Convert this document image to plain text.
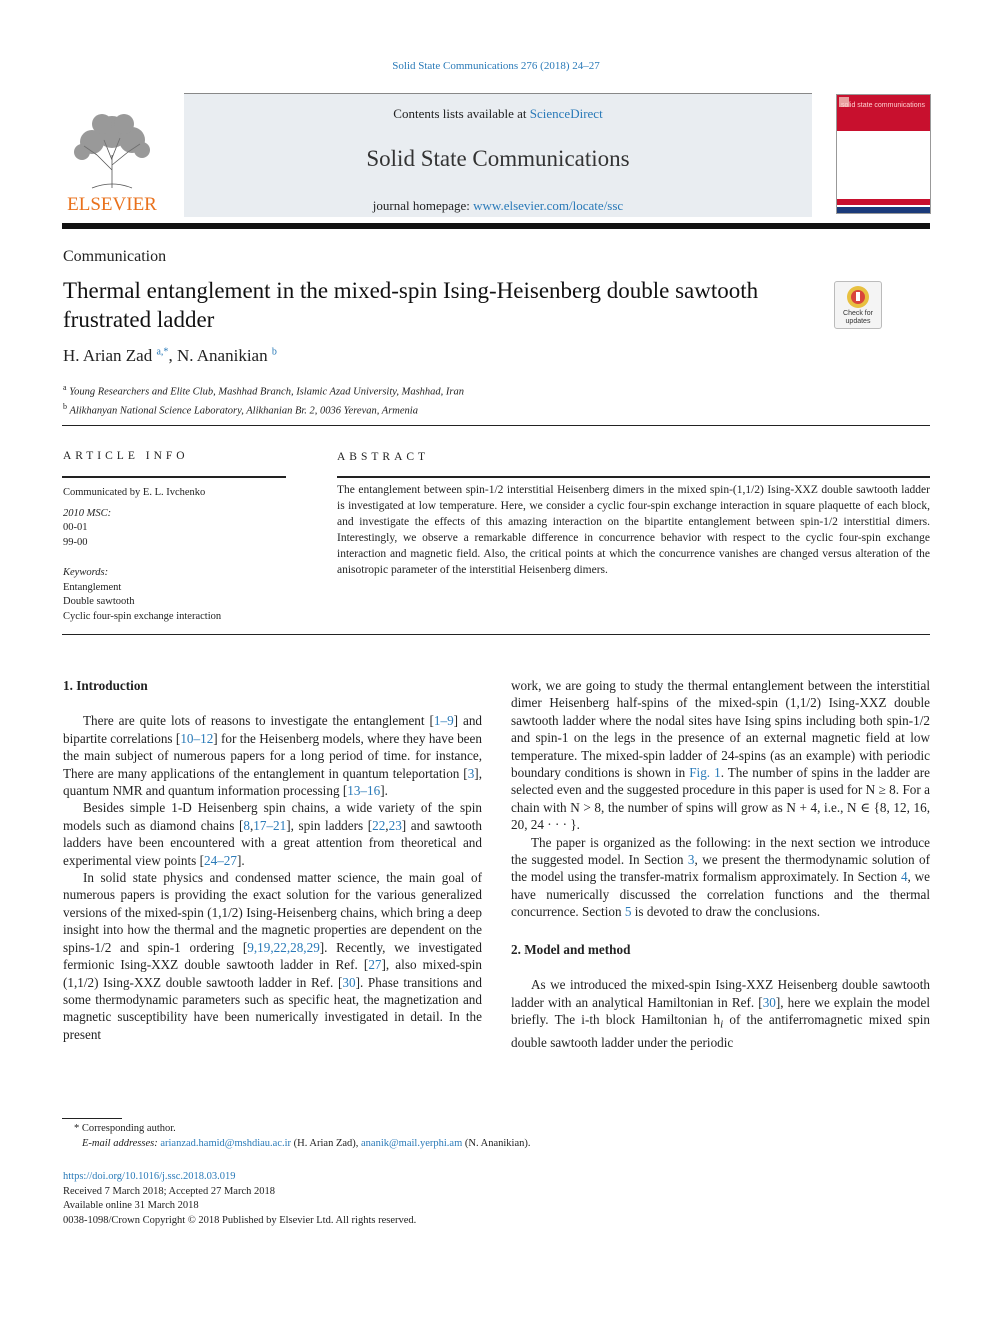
Solid State Communications 276 (2018) 24–27
ELSEVIER
Contents lists available at ScienceDirect
Solid State Communications
journal homepage: www.elsevier.com/locate/ssc
solid state communications
Communication
Thermal entanglement in the mixed-spin Ising-Heisenberg double sawtooth frustrated ladder	Check for updates
H. Arian Zad $^{a,*}$, N. Ananikian $^b$
$^a$ Young Researchers and Elite Club, Mashhad Branch, Islamic Azad University, Mashhad, Iran
$^b$ Alikhanyan National Science Laboratory, Alikhanian Br. 2, 0036 Yerevan, Armenia
ARTICLE INFO
Communicated by E. L. Ivchenko
2010 MSC:
00-01
99-00
Keywords:
Entanglement
Double sawtooth
Cyclic four-spin exchange interaction
ABSTRACT
The entanglement between spin-1/2 interstitial Heisenberg dimers in the mixed spin-(1,1/2) Ising-XXZ double sawtooth ladder is investigated at low temperature. Here, we consider a cyclic four-spin exchange interaction in square plaquette of each block, and investigate the effects of this amazing interaction on the bipartite entanglement between spin-1/2 interstitial dimers. Interestingly, we observe a remarkable difference in concurrence behavior with respect to the cyclic four-spin exchange interaction and magnetic field. Also, the critical points at which the concurrence vanishes are changed versus alteration of the anisotropic parameter of the interstitial Heisenberg dimers.
1. Introduction

There are quite lots of reasons to investigate the entanglement [1–9] and bipartite correlations [10–12] for the Heisenberg models, where they have been the main subject of numerous papers for a long period of time. for instance, There are many applications of the entanglement in quantum teleportation [3], quantum NMR and quantum information processing [13–16].

Besides simple 1-D Heisenberg spin chains, a wide variety of the spin models such as diamond chains [8,17–21], spin ladders [22,23] and sawtooth ladders have been encountered with a great attention from theoretical and experimental view points [24–27].

In solid state physics and condensed matter science, the main goal of numerous papers is providing the exact solution for the various generalized versions of the mixed-spin (1,1/2) Ising-Heisenberg chains, which bring a deep insight into how the thermal and the magnetic properties are dependent on the spins-1/2 and spin-1 ordering [9,19,22,28,29]. Recently, we investigated fermionic Ising-XXZ double sawtooth ladder in Ref. [27], also mixed-spin (1,1/2) Ising-XXZ double sawtooth ladder in Ref. [30]. Phase transitions and some thermodynamic parameters such as specific heat, the magnetization and magnetic susceptibility have been numerically investigated in detail. In the present

work, we are going to study the thermal entanglement between the interstitial dimer Heisenberg half-spins of the mixed-spin (1,1/2) Ising-XXZ double sawtooth ladder where the nodal sites have Ising spins including both spin-1/2 and spin-1 on the legs in the presence of an external magnetic field at low temperature. The mixed-spin ladder of 24-spins (as an example) with periodic boundary conditions is shown in Fig. 1. The number of spins in the ladder are selected even and the suggested procedure in this paper is used for N ≥ 8. For a chain with N > 8, the number of spins will grow as N + 4, i.e., N ∈ {8, 12, 16, 20, 24 · · · }.

The paper is organized as the following: in the next section we introduce the suggested model. In Section 3, we present the thermodynamic solution of the model using the transfer-matrix formalism approximately. In Section 4, we have numerically discussed the correlation functions and the thermal concurrence. Section 5 is devoted to draw the conclusions.

2. Model and method

As we introduced the mixed-spin Ising-XXZ Heisenberg double sawtooth ladder with an analytical Hamiltonian in Ref. [30], here we explain the model briefly. The i-th block Hamiltonian $h_i$ of the antiferromagnetic mixed spin double sawtooth ladder under the periodic

* Corresponding author.
E-mail addresses: arianzad.hamid@mshdiau.ac.ir (H. Arian Zad), ananik@mail.yerphi.am (N. Ananikian).
https://doi.org/10.1016/j.ssc.2018.03.019
Received 7 March 2018; Accepted 27 March 2018
Available online 31 March 2018
0038-1098/Crown Copyright © 2018 Published by Elsevier Ltd. All rights reserved.
